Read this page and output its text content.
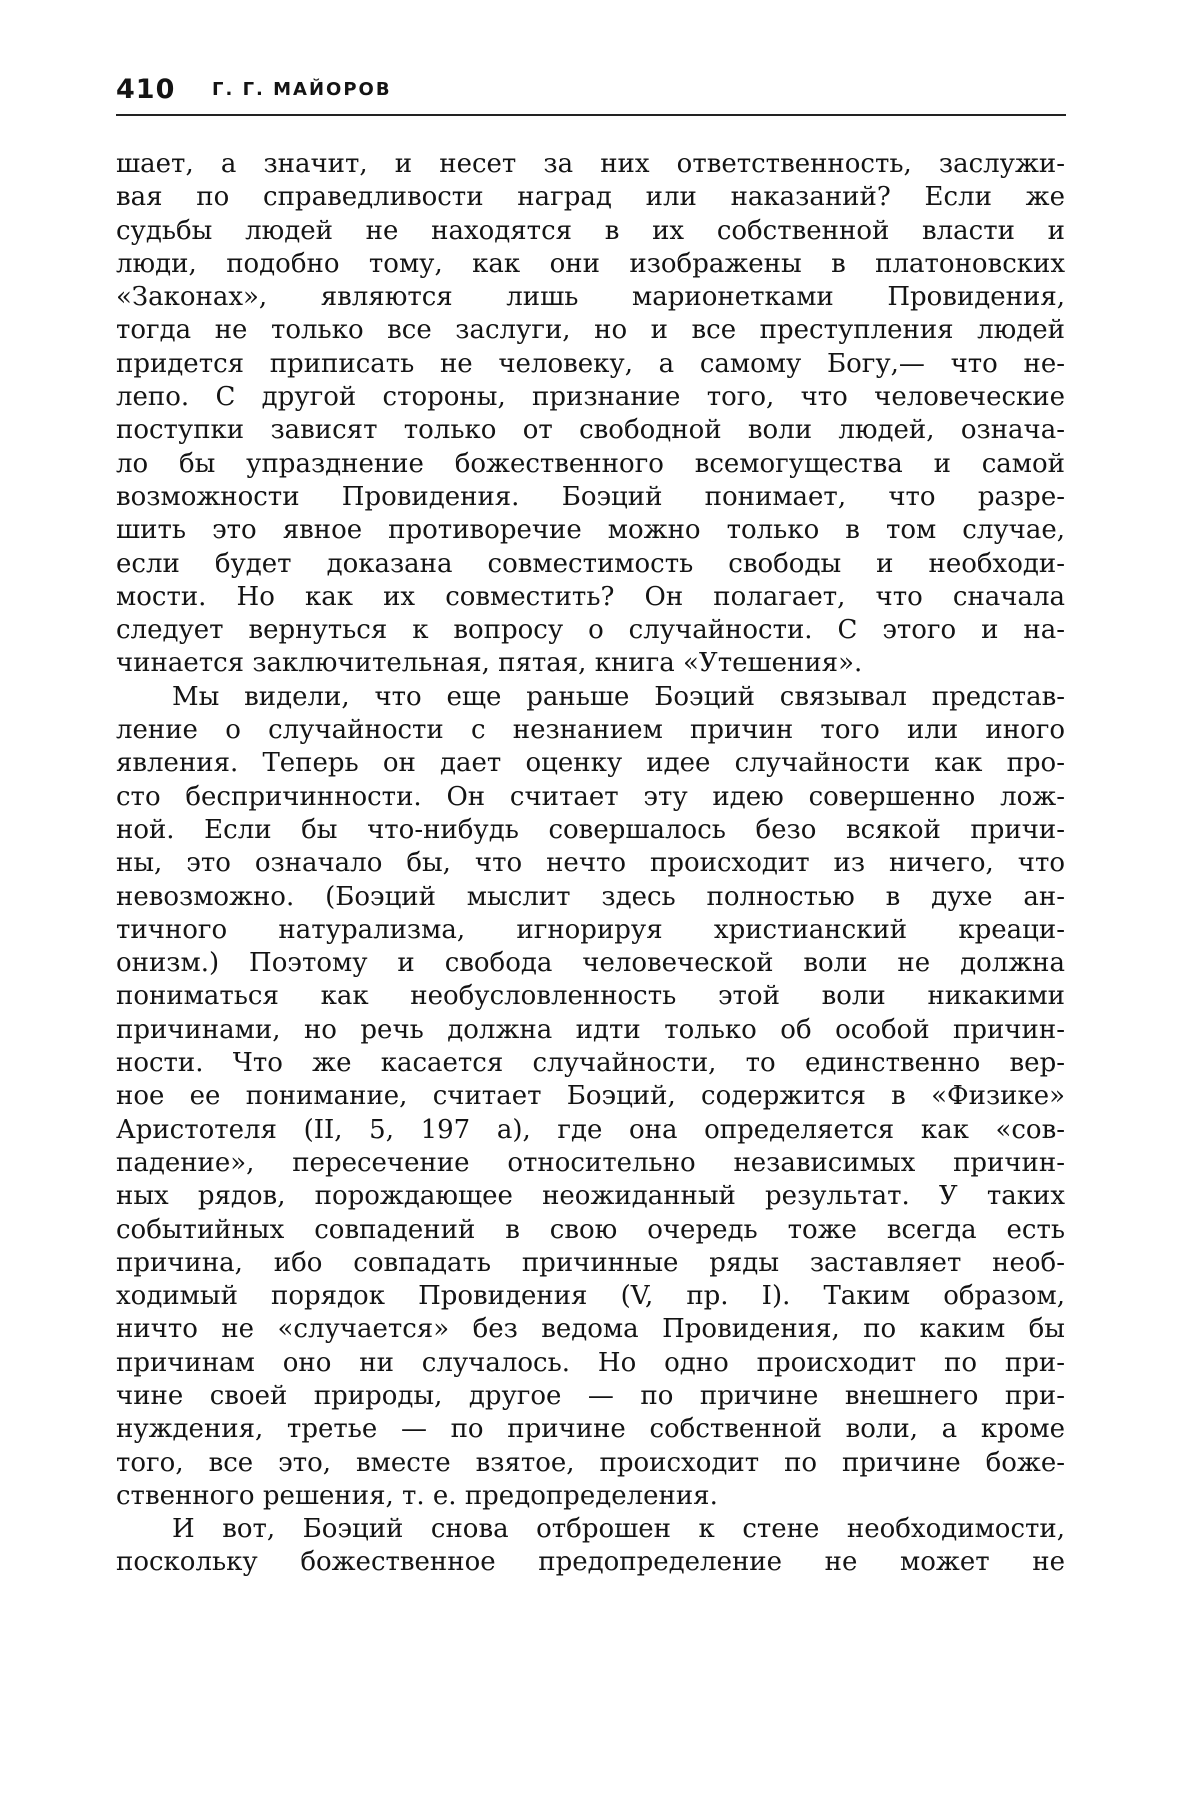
410 Г. Г. МАЙОРОВ
шает, а значит, и несет за них ответственность, заслужи-
вая по справедливости наград или наказаний? Если же
судьбы людей не находятся в их собственной власти и
люди, подобно тому, как они изображены в платоновских
«Законах», являются лишь марионетками Провидения,
тогда не только все заслуги, но и все преступления людей
придется приписать не человеку, а самому Богу,— что не-
лепо. С другой стороны, признание того, что человеческие
поступки зависят только от свободной воли людей, означа-
ло бы упразднение божественного всемогущества и самой
возможности Провидения. Боэций понимает, что разре-
шить это явное противоречие можно только в том случае,
если будет доказана совместимость свободы и необходи-
мости. Но как их совместить? Он полагает, что сначала
следует вернуться к вопросу о случайности. С этого и на-
чинается заключительная, пятая, книга «Утешения».
Мы видели, что еще раньше Боэций связывал представ-
ление о случайности с незнанием причин того или иного
явления. Теперь он дает оценку идее случайности как про-
сто беспричинности. Он считает эту идею совершенно лож-
ной. Если бы что-нибудь совершалось безо всякой причи-
ны, это означало бы, что нечто происходит из ничего, что
невозможно. (Боэций мыслит здесь полностью в духе ан-
тичного натурализма, игнорируя христианский креаци-
онизм.) Поэтому и свобода человеческой воли не должна
пониматься как необусловленность этой воли никакими
причинами, но речь должна идти только об особой причин-
ности. Что же касается случайности, то единственно вер-
ное ее понимание, считает Боэций, содержится в «Физике»
Аристотеля (II, 5, 197 а), где она определяется как «сов-
падение», пересечение относительно независимых причин-
ных рядов, порождающее неожиданный результат. У таких
событийных совпадений в свою очередь тоже всегда есть
причина, ибо совпадать причинные ряды заставляет необ-
ходимый порядок Провидения (V, пр. I). Таким образом,
ничто не «случается» без ведома Провидения, по каким бы
причинам оно ни случалось. Но одно происходит по при-
чине своей природы, другое — по причине внешнего при-
нуждения, третье — по причине собственной воли, а кроме
того, все это, вместе взятое, происходит по причине боже-
ственного решения, т. е. предопределения.
И вот, Боэций снова отброшен к стене необходимости,
поскольку божественное предопределение не может не
